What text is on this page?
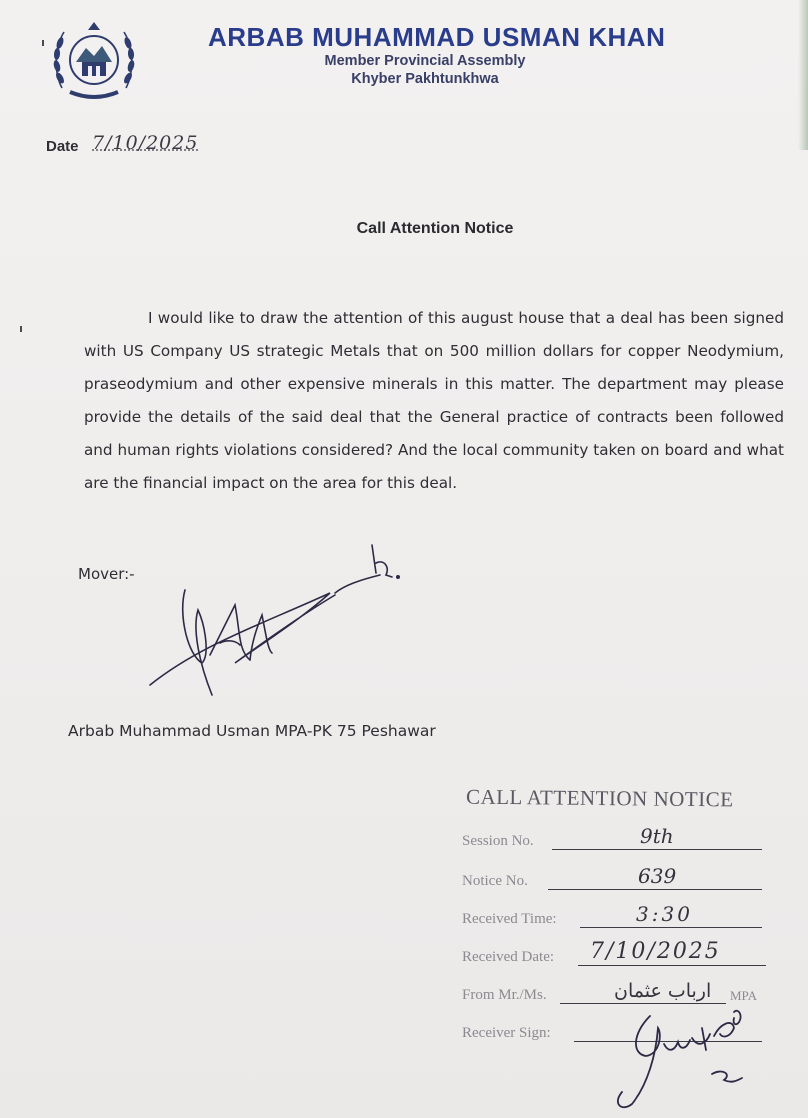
ARBAB MUHAMMAD USMAN KHAN
Member Provincial Assembly
Khyber Pakhtunkhwa
Date 7/10/2025
Call Attention Notice
I would like to draw the attention of this august house that a deal has been signed with US Company US strategic Metals that on 500 million dollars for copper Neodymium, praseodymium and other expensive minerals in this matter. The department may please provide the details of the said deal that the General practice of contracts been followed and human rights violations considered? And the local community taken on board and what are the financial impact on the area for this deal.
Mover:-
Arbab Muhammad Usman MPA-PK 75 Peshawar
CALL ATTENTION NOTICE
Session No.	9th
Notice No.	639
Received Time:	3:30
Received Date: 7/10/2025
From Mr./Ms.	ارباب عثمان MPA
Receiver Sign:
